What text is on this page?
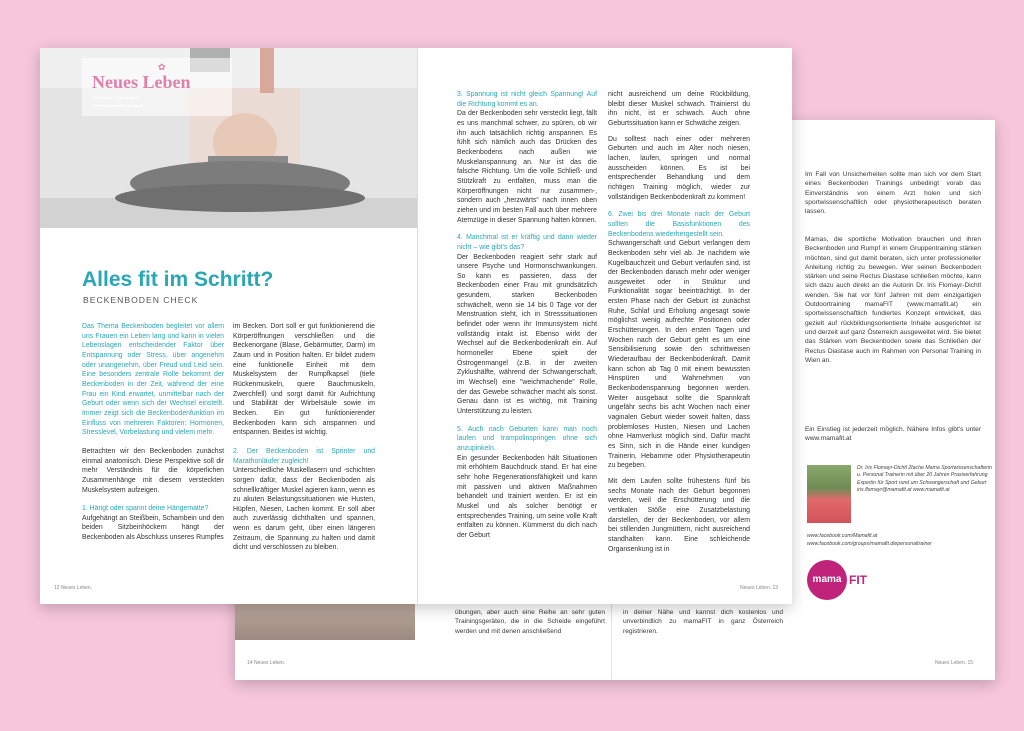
übungen, aber auch eine Reihe an sehr guten Trainingsgeräten, die in die Scheide eingeführt werden und mit denen anschließend
in deiner Nähe und kannst dich kostenlos und unverbindlich zu mamaFIT in ganz Österreich registrieren.
Im Fall von Unsicherheiten sollte man sich vor dem Start eines Beckenboden Trainings unbedingt vorab das Einverständnis von einem Arzt holen und sich sportwissenschaftlich oder physiotherapeutisch beraten lassen.
Mamas, die sportliche Motivation brauchen und ihren Beckenboden und Rumpf in einem Gruppentraining stärken möchten, sind gut damit beraten, sich unter professioneller Anleitung richtig zu bewegen. Wer seinen Beckenboden stärken und seine Rectus Diastase schließen möchte, kann sich dazu auch direkt an die Autorin Dr. Iris Flomayr-Dichtl wenden. Sie hat vor fünf Jahren mit dem einzigartigen Outdoortraining mamaFIT (www.mamafit.at) ein sportwissenschaftlich fundiertes Konzept entwickelt, das gezielt auf rückbildungsorientierte Inhalte ausgerichtet ist und derzeit auf ganz Österreich ausgeweitet wird. Sie bietet das Stärken vom Beckenboden sowie das Schließen der Rectus Diastase auch im Rahmen von Personal Training in Wien an.
Ein Einstieg ist jederzeit möglich. Nähere Infos gibt's unter www.mamafit.at
14 Neues Leben.	Neues Leben. 15
Dr. Iris Flomayr-Dichtl 2fache Mama Sportwissenschafterin u. Personal Trainerin mit über 20 Jahren Praxiserfahrung Expertin für Sport rund um Schwangerschaft und Geburt iris.flomayr@mamafit.at www.mamafit.at
www.facebook.com/Mamafit.at
www.facebook.com/groups/mamafit.diepersonaltrainer
mama FIT
✿
Neues Leben
Wir sind schwanger.
www.neuesleben.co.at
Alles fit im Schritt?
BECKENBODEN CHECK
Das Thema Beckenboden begleitet vor allem uns Frauen ein Leben lang und kann in vielen Lebenslagen entscheidender Faktor über Entspannung oder Stress, über angenehm oder unangenehm, über Freud und Leid sein. Eine besonders zentrale Rolle bekommt der Beckenboden in der Zeit, während der eine Frau ein Kind erwartet, unmittelbar nach der Geburt oder wenn sich der Wechsel einstellt. Immer zeigt sich die Beckenbodenfunktion im Einfluss von mehreren Faktoren: Hormonen, Stresslevel, Vorbelastung und vielem mehr.
Betrachten wir den Beckenboden zunächst einmal anatomisch. Diese Perspektive soll dir mehr Verständnis für die körperlichen Zusammenhänge mit diesem versteckten Muskelsystem aufzeigen.
1. Hängt oder spannt deine Hängematte?
Aufgehängt an Steißbein, Schambein und den beiden Sitzbeinhöckern hängt der Beckenboden als Abschluss unseres Rumpfes
im Becken. Dort soll er gut funktionierend die Körperöffnungen verschließen und die Beckenorgane (Blase, Gebärmutter, Darm) im Zaum und in Position halten. Er bildet zudem eine funktionelle Einheit mit dem Muskelsystem der Rumpfkapsel (tiefe Rückenmuskeln, quere Bauchmuskeln, Zwerchfell) und sorgt damit für Aufrichtung und Stabilität der Wirbelsäule sowie im Becken. Ein gut funktionierender Beckenboden kann sich anspannen und entspannen. Beides ist wichtig.
2. Der Beckenboden ist Sprinter und Marathonläufer zugleich!
Unterschiedliche Muskellasern und -schichten sorgen dafür, dass der Beckenboden als schnellkräftiger Muskel agieren kann, wenn es zu akuten Belastungssituationen wie Husten, Hüpfen, Niesen, Lachen kommt. Er soll aber auch zuverlässig dichthalten und spannen, wenn es darum geht, über einen längeren Zeitraum, die Spannung zu halten und damit dicht und verschlossen zu bleiben.
12 Neues Leben.
3. Spannung ist nicht gleich Spannung! Auf die Richtung kommt es an.
Da der Beckenboden sehr versteckt liegt, fällt es uns manchmal schwer, zu spüren, ob wir ihn auch tatsächlich richtig anspannen. Es fühlt sich nämlich auch das Drücken des Beckenbodens nach außen wie Muskelanspannung an. Nur ist das die falsche Richtung. Um die volle Schließ- und Stützkraft zu entfalten, muss man die Körperöffnungen nicht nur zusammen-, sondern auch „herzwärts“ nach innen oben ziehen und im besten Fall auch über mehrere Atemzüge in dieser Spannung halten können.
4. Manchmal ist er kräftig und dann wieder nicht – wie gibt's das?
Der Beckenboden reagiert sehr stark auf unsere Psyche und Hormonschwankungen. So kann es passieren, dass der Beckenboden einer Frau mit grundsätzlich gesundem, starken Beckenboden schwächelt, wenn sie 14 bis 0 Tage vor der Menstruation steht, ich in Stresssituationen befindet oder wenn ihr Immunsystem nicht vollständig intakt ist. Ebenso wirkt der Wechsel auf die Beckenbodenkraft ein. Auf hormoneller Ebene spielt der Östrogenmangel (z.B. in der zweiten Zyklushälfte, während der Schwangerschaft, im Wechsel) eine "weichmachende" Rolle, der das Gewebe schwächer macht als sonst. Genau dann ist es wichtig, mit Training Unterstützung zu leisten.
5. Auch nach Geburten kann man noch laufen und trampolinspringen ohne sich anzupinkeln.
Ein gesunder Beckenboden hält Situationen mit erhöhtem Bauchdruck stand. Er hat eine sehr hohe Regenerationsfähigkeit und kann mit passiven und aktiven Maßnahmen behandelt und trainiert werden. Er ist ein Muskel und als solcher benötigt er entsprechendes Training, um seine volle Kraft entfalten zu können. Kümmerst du dich nach der Geburt
nicht ausreichend um deine Rückbildung, bleibt dieser Muskel schwach. Trainierst du ihn nicht, ist er schwach. Auch ohne Geburtssituation kann er Schwäche zeigen.
Du solltest nach einer oder mehreren Geburten und auch im Alter noch niesen, lachen, laufen, springen und normal ausscheiden können. Es ist bei entsprechender Behandlung und dem richtigen Training möglich, wieder zur vollständigen Beckenbodenkraft zu kommen!
6. Zwei bis drei Monate nach der Geburt sollten die Basisfunktionen des Beckenbodens wiederhergestellt sein.
Schwangerschaft und Geburt verlangen dem Beckenboden sehr viel ab. Je nachdem wie Kugelbauchzeit und Geburt verlaufen sind, ist der Beckenboden danach mehr oder weniger ausgeweitet oder in Struktur und Funktionalität sogar beeinträchtigt. In der ersten Phase nach der Geburt ist zunächst Ruhe, Schlaf und Erholung angesagt sowie möglichst wenig aufrechte Positionen oder Erschütterungen. In den ersten Tagen und Wochen nach der Geburt geht es um eine Sensibilisierung sowie den schrittweisen Wiederaufbau der Beckenbodenkraft. Damit kann schon ab Tag 0 mit einem bewussten Hinspüren und Wahrnehmen von Beckenbodenspannung begonnen werden. Weiter ausgebaut sollte die Spannkraft ungefähr sechs bis acht Wochen nach einer vaginalen Geburt wieder soweit halten, dass problemloses Husten, Niesen und Lachen ohne Harnverlust möglich sind. Dafür macht es Sinn, sich in die Hände einer kundigen Trainerin, Hebamme oder Physiotherapeutin zu begeben.
Mit dem Laufen sollte frühestens fünf bis sechs Monate nach der Geburt begonnen werden, weil die Erschütterung und die vertikalen Stöße eine Zusatzbelastung darstellen, der der Beckenboden, vor allem bei stillenden Jungmüttern, nicht ausreichend standhalten kann. Eine schleichende Organsenkung ist in
Neues Leben. 13
